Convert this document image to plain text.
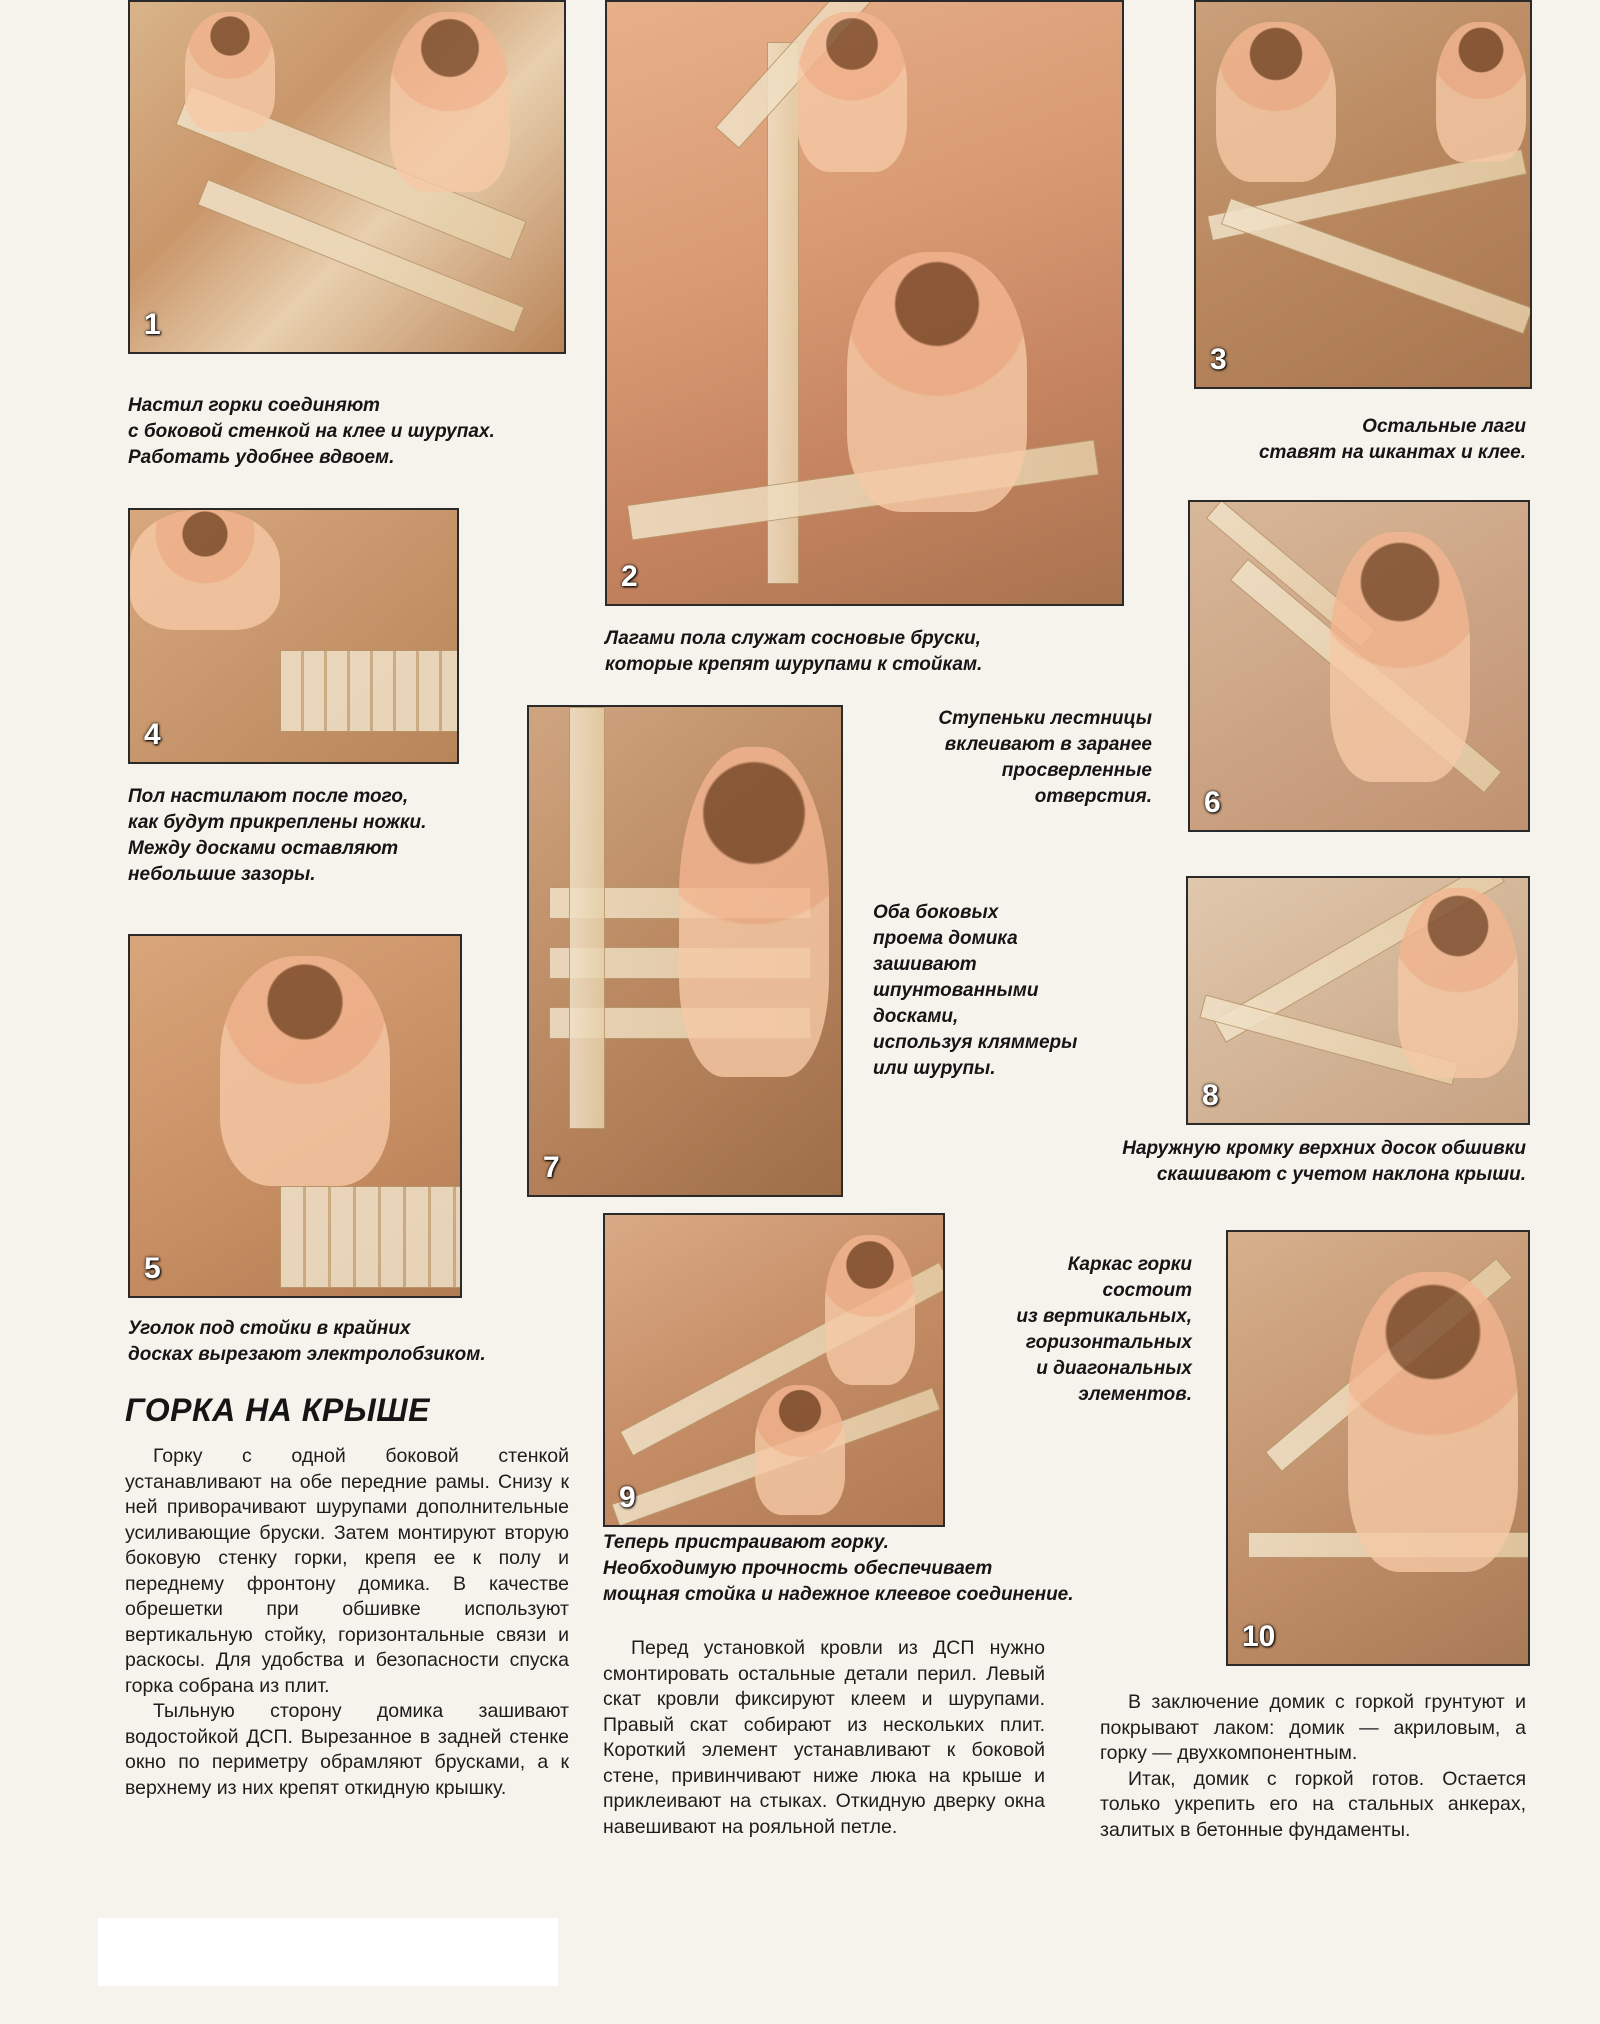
1
2
3
4
5
6
7
8
9
10
Настил горки соединяют
с боковой стенкой на клее и шурупах.
Работать удобнее вдвоем.
Лагами пола служат сосновые бруски,
которые крепят шурупами к стойкам.
Остальные лаги
ставят на шкантах и клее.
Пол настилают после того,
как будут прикреплены ножки.
Между досками оставляют
небольшие зазоры.
Уголок под стойки в крайних
досках вырезают электролобзиком.
Ступеньки лестницы
вклеивают в заранее
просверленные
отверстия.
Оба боковых
проема домика
зашивают
шпунтованными
досками,
используя кляммеры
или шурупы.
Наружную кромку верхних досок обшивки
скашивают с учетом наклона крыши.
Теперь пристраивают горку.
Необходимую прочность обеспечивает
мощная стойка и надежное клеевое соединение.
Каркас горки
состоит
из вертикальных,
горизонтальных
и диагональных
элементов.
ГОРКА НА КРЫШЕ

Горку с одной боковой стенкой устанавливают на обе передние рамы. Снизу к ней приворачивают шурупами дополнительные усиливающие бруски. Затем монтируют вторую боковую стенку горки, крепя ее к полу и переднему фронтону домика. В качестве обрешетки при обшивке используют вертикальную стойку, горизонтальные связи и раскосы. Для удобства и безопасности спуска горка собрана из плит.

Тыльную сторону домика зашивают водостойкой ДСП. Вырезанное в задней стенке окно по периметру обрамляют брусками, а к верхнему из них крепят откидную крышку.

Перед установкой кровли из ДСП нужно смонтировать остальные детали перил. Левый скат кровли фиксируют клеем и шурупами. Правый скат собирают из нескольких плит. Короткий элемент устанавливают к боковой стене, привинчивают ниже люка на крыше и приклеивают на стыках. Откидную дверку окна навешивают на рояльной петле.

В заключение домик с горкой грунтуют и покрывают лаком: домик — акриловым, а горку — двухкомпонентным.

Итак, домик с горкой готов. Остается только укрепить его на стальных анкерах, залитых в бетонные фундаменты.
